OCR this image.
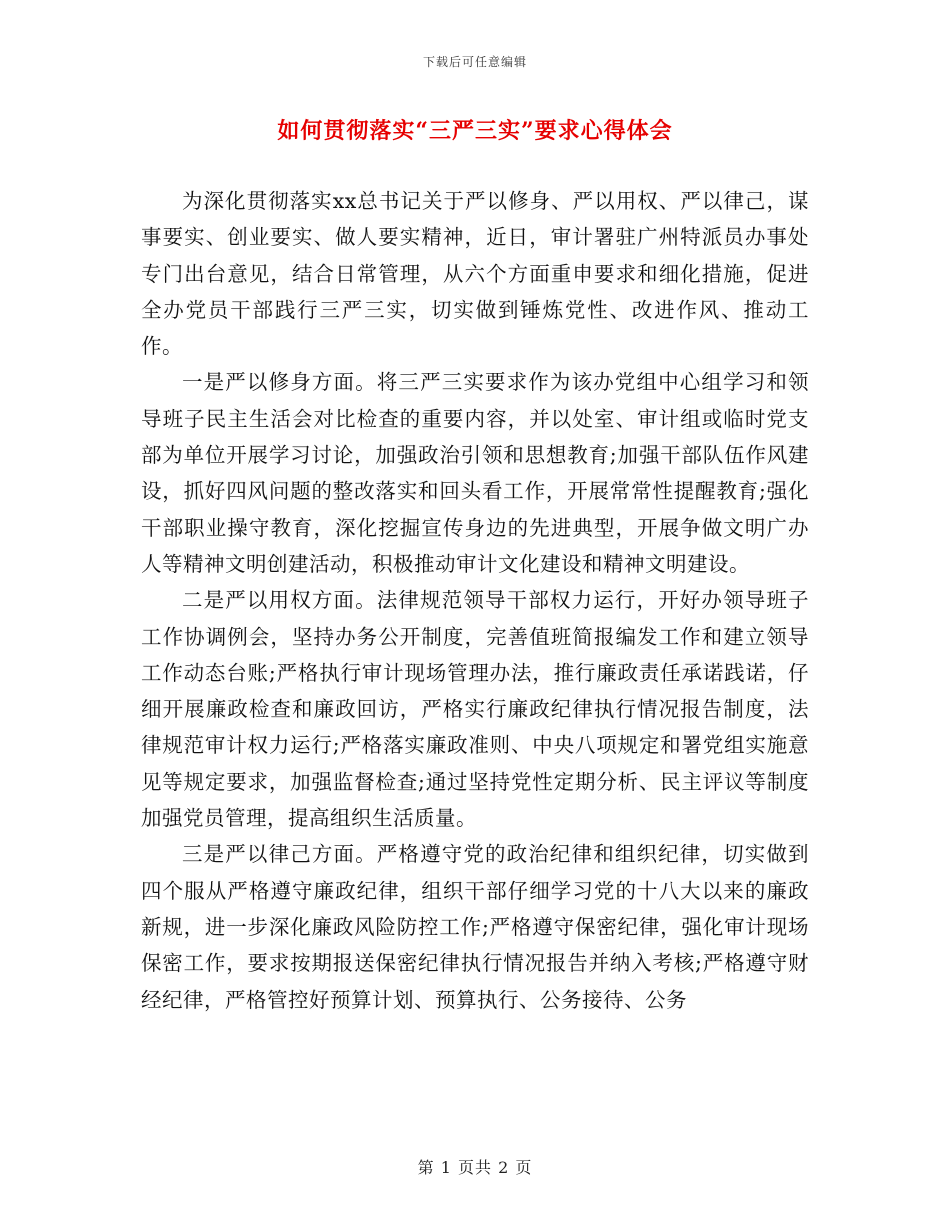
下载后可任意编辑
如何贯彻落实“三严三实”要求心得体会

为深化贯彻落实xx总书记关于严以修身、严以用权、严以律己，谋事要实、创业要实、做人要实精神，近日，审计署驻广州特派员办事处专门出台意见，结合日常管理，从六个方面重申要求和细化措施，促进全办党员干部践行三严三实，切实做到锤炼党性、改进作风、推动工作。

一是严以修身方面。将三严三实要求作为该办党组中心组学习和领导班子民主生活会对比检查的重要内容，并以处室、审计组或临时党支部为单位开展学习讨论，加强政治引领和思想教育;加强干部队伍作风建设，抓好四风问题的整改落实和回头看工作，开展常常性提醒教育;强化干部职业操守教育，深化挖掘宣传身边的先进典型，开展争做文明广办人等精神文明创建活动，积极推动审计文化建设和精神文明建设。

二是严以用权方面。法律规范领导干部权力运行，开好办领导班子工作协调例会，坚持办务公开制度，完善值班简报编发工作和建立领导工作动态台账;严格执行审计现场管理办法，推行廉政责任承诺践诺，仔细开展廉政检查和廉政回访，严格实行廉政纪律执行情况报告制度，法律规范审计权力运行;严格落实廉政准则、中央八项规定和署党组实施意见等规定要求，加强监督检查;通过坚持党性定期分析、民主评议等制度加强党员管理，提高组织生活质量。

三是严以律己方面。严格遵守党的政治纪律和组织纪律，切实做到四个服从严格遵守廉政纪律，组织干部仔细学习党的十八大以来的廉政新规，进一步深化廉政风险防控工作;严格遵守保密纪律，强化审计现场保密工作，要求按期报送保密纪律执行情况报告并纳入考核;严格遵守财经纪律，严格管控好预算计划、预算执行、公务接待、公务

第 1 页共 2 页
